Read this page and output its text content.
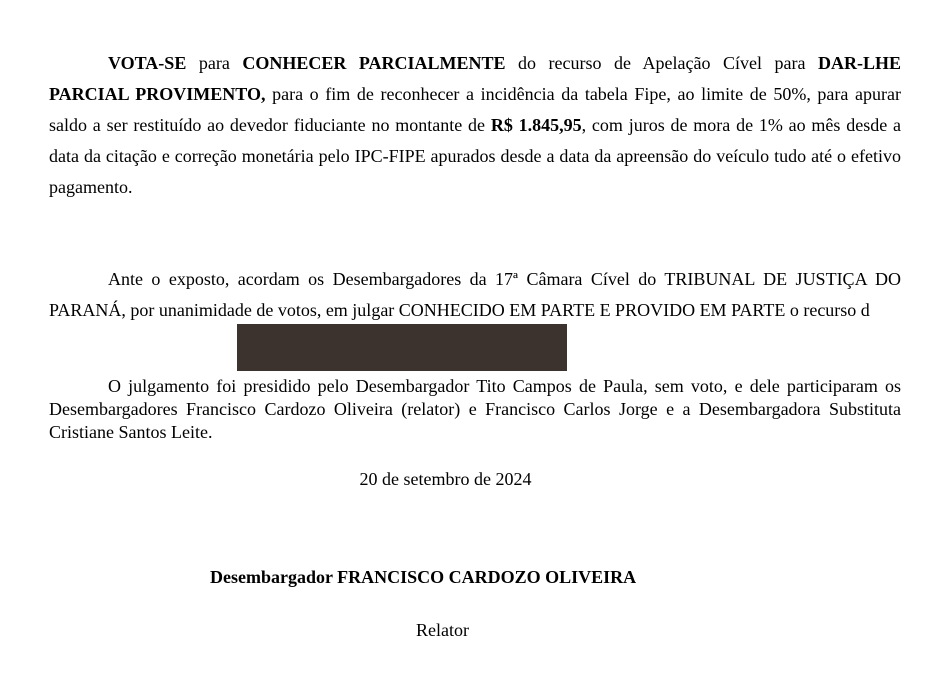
VOTA-SE para CONHECER PARCIALMENTE do recurso de Apelação Cível para DAR-LHE PARCIAL PROVIMENTO, para o fim de reconhecer a incidência da tabela Fipe, ao limite de 50%, para apurar saldo a ser restituído ao devedor fiduciante no montante de R$ 1.845,95, com juros de mora de 1% ao mês desde a data da citação e correção monetária pelo IPC-FIPE apurados desde a data da apreensão do veículo tudo até o efetivo pagamento.

Ante o exposto, acordam os Desembargadores da 17ª Câmara Cível do TRIBUNAL DE JUSTIÇA DO PARANÁ, por unanimidade de votos, em julgar CONHECIDO EM PARTE E PROVIDO EM PARTE o recurso d

O julgamento foi presidido pelo Desembargador Tito Campos de Paula, sem voto, e dele participaram os Desembargadores Francisco Cardozo Oliveira (relator) e Francisco Carlos Jorge e a Desembargadora Substituta Cristiane Santos Leite.

20 de setembro de 2024
Desembargador FRANCISCO CARDOZO OLIVEIRA
Relator
